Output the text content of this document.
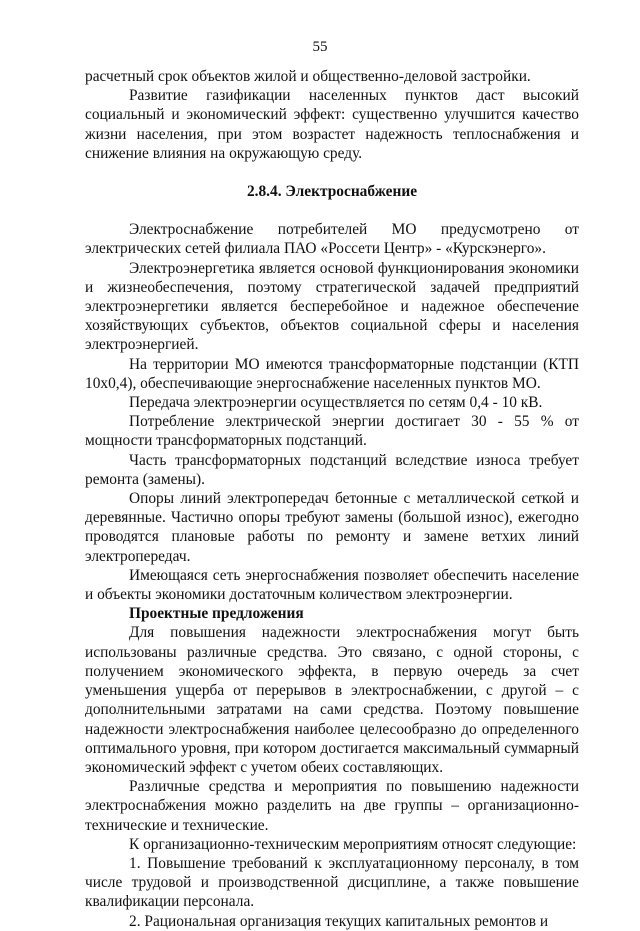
55

расчетный срок объектов жилой и общественно-деловой застройки.

Развитие газификации населенных пунктов даст высокий социальный и экономический эффект: существенно улучшится качество жизни населения, при этом возрастет надежность теплоснабжения и снижение влияния на окружающую среду.

2.8.4. Электроснабжение

Электроснабжение потребителей МО предусмотрено от электрических сетей филиала ПАО «Россети Центр» - «Курскэнерго».

Электроэнергетика является основой функционирования экономики и жизнеобеспечения, поэтому стратегической задачей предприятий электроэнергетики является бесперебойное и надежное обеспечение хозяйствующих субъектов, объектов социальной сферы и населения электроэнергией.

На территории МО имеются трансформаторные подстанции (КТП 10х0,4), обеспечивающие энергоснабжение населенных пунктов МО.

Передача электроэнергии осуществляется по сетям 0,4 - 10 кВ.

Потребление электрической энергии достигает 30 - 55 % от мощности трансформаторных подстанций.

Часть трансформаторных подстанций вследствие износа требует ремонта (замены).

Опоры линий электропередач бетонные с металлической сеткой и деревянные. Частично опоры требуют замены (большой износ), ежегодно проводятся плановые работы по ремонту и замене ветхих линий электропередач.

Имеющаяся сеть энергоснабжения позволяет обеспечить население и объекты экономики достаточным количеством электроэнергии.

Проектные предложения

Для повышения надежности электроснабжения могут быть использованы различные средства. Это связано, с одной стороны, с получением экономического эффекта, в первую очередь за счет уменьшения ущерба от перерывов в электроснабжении, с другой – с дополнительными затратами на сами средства. Поэтому повышение надежности электроснабжения наиболее целесообразно до определенного оптимального уровня, при котором достигается максимальный суммарный экономический эффект с учетом обеих составляющих.

Различные средства и мероприятия по повышению надежности электроснабжения можно разделить на две группы – организационно-технические и технические.

К организационно-техническим мероприятиям относят следующие:

1. Повышение требований к эксплуатационному персоналу, в том числе трудовой и производственной дисциплине, а также повышение квалификации персонала.

2. Рациональная организация текущих капитальных ремонтов и
